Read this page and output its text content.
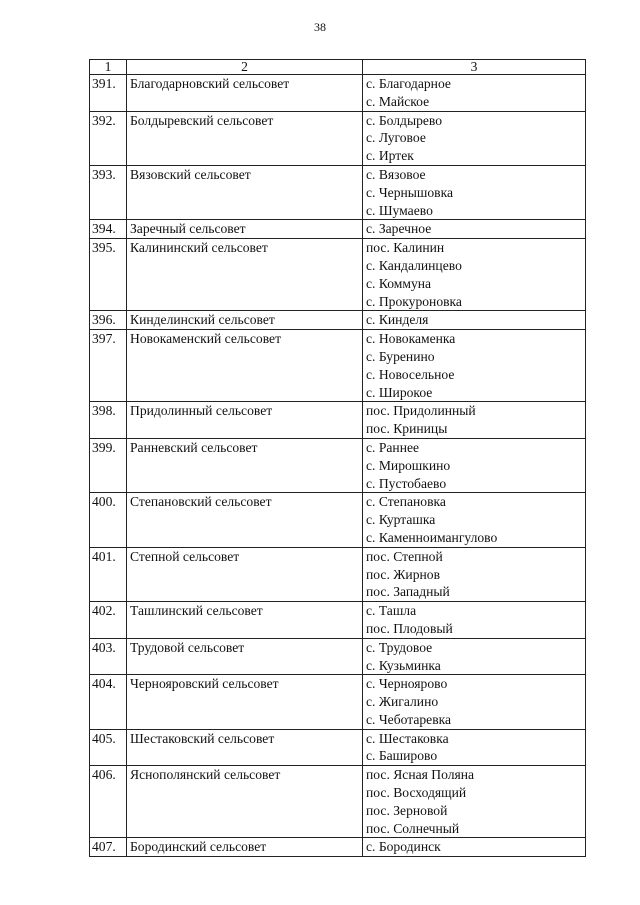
38
1	2	3
391.	Благодарновский сельсовет	с. Благодарное
с. Майское

392.	Болдыревский сельсовет	с. Болдырево
с. Луговое
с. Иртек

393.	Вязовский сельсовет	с. Вязовое
с. Чернышовка
с. Шумаево

394.	Заречный сельсовет	с. Заречное

395.	Калининский сельсовет	пос. Калинин
с. Кандалинцево
с. Коммуна
с. Прокуроновка

396.	Кинделинский сельсовет	с. Кинделя

397.	Новокаменский сельсовет	с. Новокаменка
с. Буренино
с. Новосельное
с. Широкое

398.	Придолинный сельсовет	пос. Придолинный
пос. Криницы

399.	Ранневский сельсовет	с. Раннее
с. Мирошкино
с. Пустобаево

400.	Степановский сельсовет	с. Степановка
с. Курташка
с. Каменноимангулово

401.	Степной сельсовет	пос. Степной
пос. Жирнов
пос. Западный

402.	Ташлинский сельсовет	с. Ташла
пос. Плодовый

403.	Трудовой сельсовет	с. Трудовое
с. Кузьминка

404.	Чернояровский сельсовет	с. Черноярово
с. Жигалино
с. Чеботаревка

405.	Шестаковский сельсовет	с. Шестаковка
с. Баширово

406.	Яснополянский сельсовет	пос. Ясная Поляна
пос. Восходящий
пос. Зерновой
пос. Солнечный

407.	Бородинский сельсовет	с. Бородинск
